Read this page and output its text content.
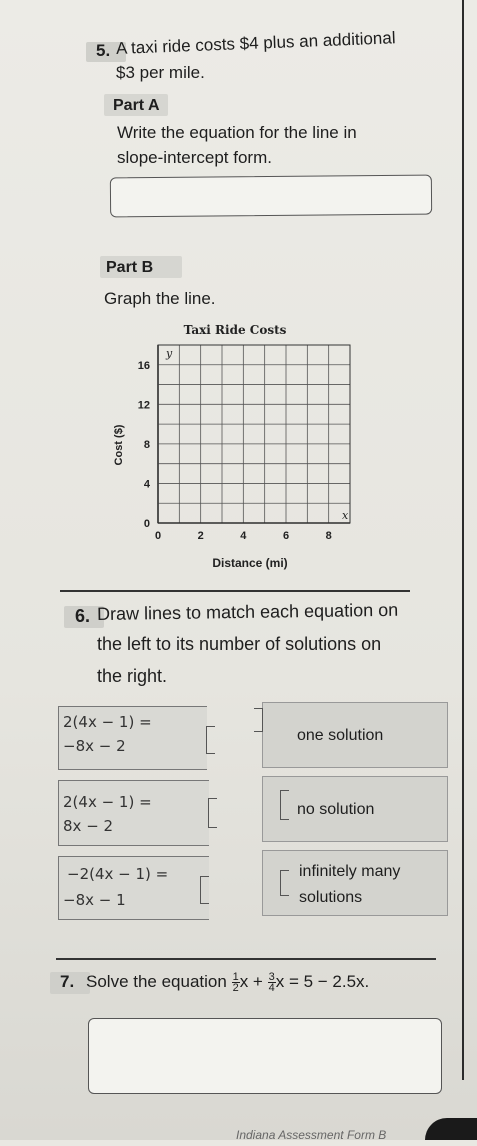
5. A taxi ride costs $4 plus an additional
$3 per mile.
Part A
Write the equation for the line in
slope-intercept form.
Part B
Graph the line.
Taxi Ride Costs
0	2	4	6	8
0
4
8
12
16
x
y
Distance (mi)
Cost ($)
6. Draw lines to match each equation on
the left to its number of solutions on
the right.
2(4x − 1) =
−8x − 2
one solution
2(4x − 1) =
8x − 2
no solution
−2(4x − 1) =
−8x − 1
infinitely many
solutions
7. Solve the equation $\frac{1}{2}$ $x + \frac{3}{4}$ x = 5 − 2.5x.
Indiana Assessment Form B
